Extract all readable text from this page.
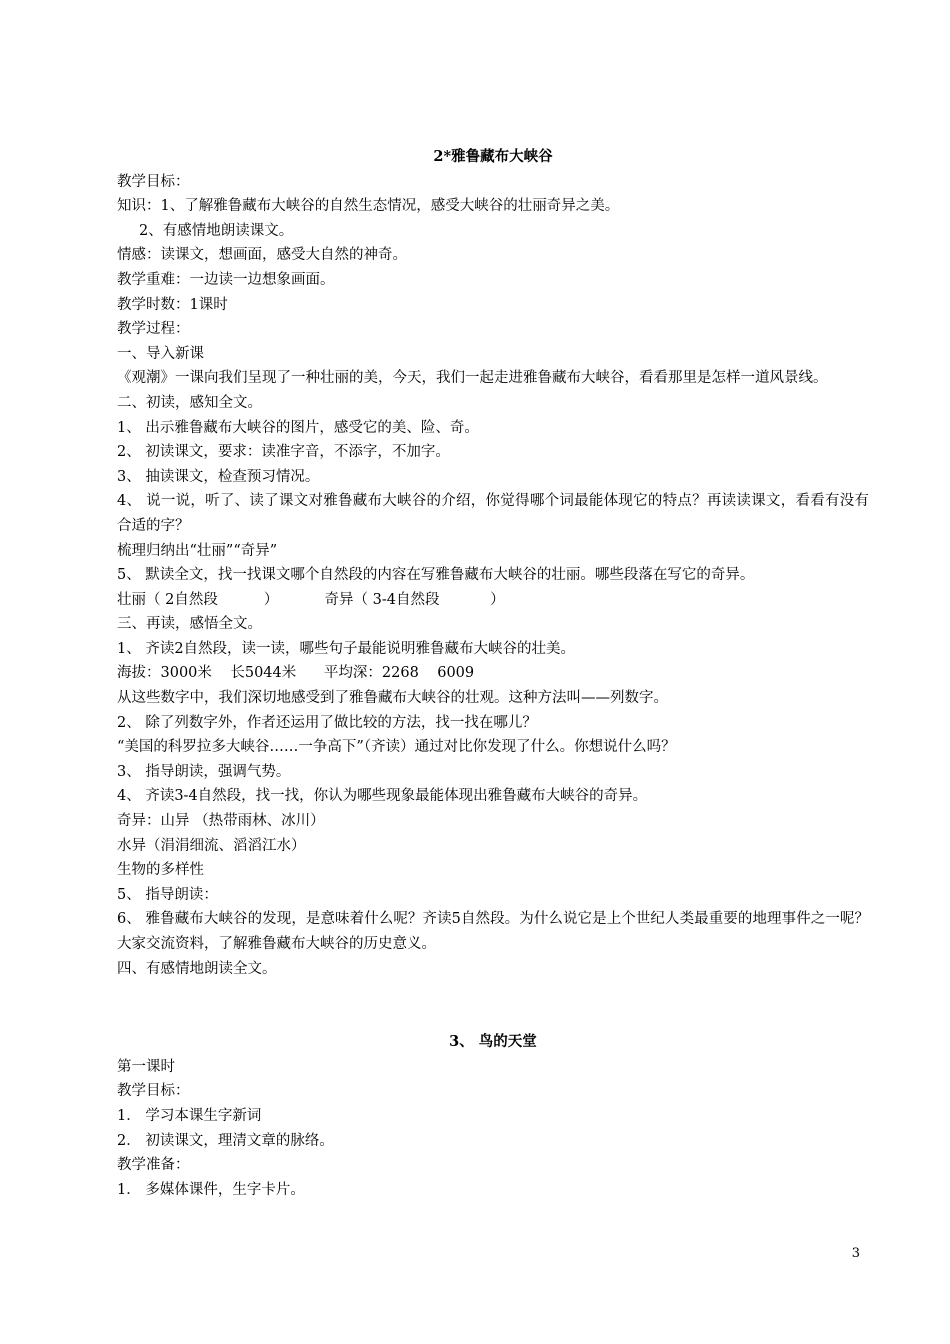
2*雅鲁藏布大峡谷
教学目标：
知识：1、了解雅鲁藏布大峡谷的自然生态情况，感受大峡谷的壮丽奇异之美。
2、有感情地朗读课文。
情感：读课文，想画面，感受大自然的神奇。
教学重难：一边读一边想象画面。
教学时数：1课时
教学过程：
一、导入新课
《观潮》一课向我们呈现了一种壮丽的美，今天，我们一起走进雅鲁藏布大峡谷，看看那里是怎样一道风景线。
二、初读，感知全文。
1、 出示雅鲁藏布大峡谷的图片，感受它的美、险、奇。
2、 初读课文，要求：读准字音，不添字，不加字。
3、 抽读课文，检查预习情况。
4、 说一说，听了、读了课文对雅鲁藏布大峡谷的介绍，你觉得哪个词最能体现它的特点？再读读课文，看看有没有合适的字？
梳理归纳出“壮丽”“奇异”
5、 默读全文，找一找课文哪个自然段的内容在写雅鲁藏布大峡谷的壮丽。哪些段落在写它的奇异。
壮丽（ 2自然段          ）          奇异（ 3-4自然段           ）
三、再读，感悟全文。
1、 齐读2自然段，读一读，哪些句子最能说明雅鲁藏布大峡谷的壮美。
海拔：3000米    长5044米      平均深：2268    6009
从这些数字中，我们深切地感受到了雅鲁藏布大峡谷的壮观。这种方法叫——列数字。
2、 除了列数字外，作者还运用了做比较的方法，找一找在哪儿？
“美国的科罗拉多大峡谷……一争高下”（齐读）通过对比你发现了什么。你想说什么吗？
3、 指导朗读，强调气势。
4、 齐读3-4自然段，找一找，你认为哪些现象最能体现出雅鲁藏布大峡谷的奇异。
奇异：山异 （热带雨林、冰川）
水异（涓涓细流、滔滔江水）
生物的多样性
5、 指导朗读：
6、 雅鲁藏布大峡谷的发现，是意味着什么呢？齐读5自然段。为什么说它是上个世纪人类最重要的地理事件之一呢？大家交流资料，了解雅鲁藏布大峡谷的历史意义。
四、有感情地朗读全文。
3、 鸟的天堂
第一课时
教学目标：
1． 学习本课生字新词
2． 初读课文，理清文章的脉络。
教学准备：
1． 多媒体课件，生字卡片。
3
